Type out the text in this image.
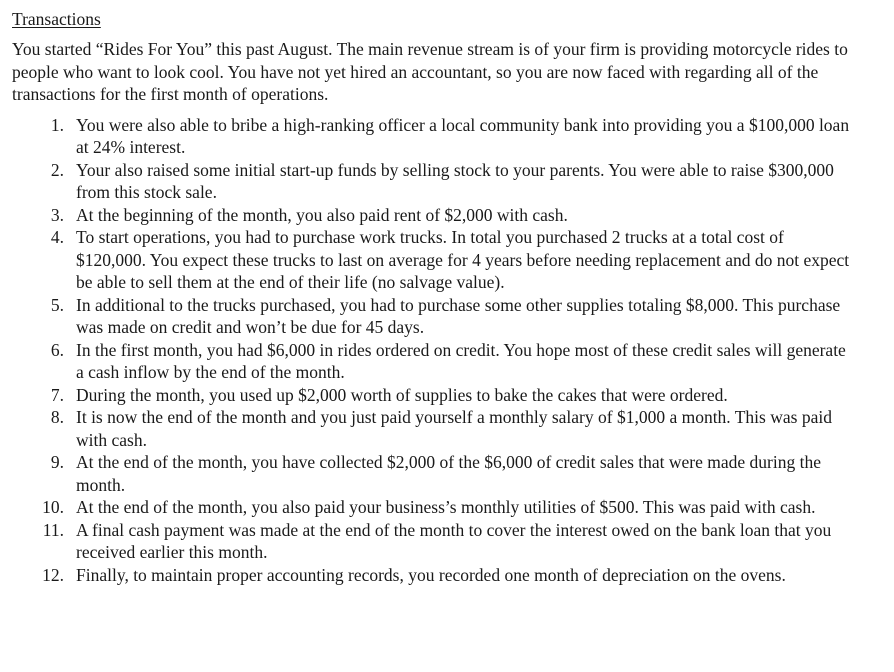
Transactions

You started “Rides For You” this past August. The main revenue stream is of your firm is providing motorcycle rides to people who want to look cool. You have not yet hired an accountant, so you are now faced with regarding all of the transactions for the first month of operations.

1. You were also able to bribe a high-ranking officer a local community bank into providing you a $100,000 loan at 24% interest.
2. Your also raised some initial start-up funds by selling stock to your parents. You were able to raise $300,000 from this stock sale.
3. At the beginning of the month, you also paid rent of $2,000 with cash.
4. To start operations, you had to purchase work trucks. In total you purchased 2 trucks at a total cost of $120,000. You expect these trucks to last on average for 4 years before needing replacement and do not expect be able to sell them at the end of their life (no salvage value).
5. In additional to the trucks purchased, you had to purchase some other supplies totaling $8,000. This purchase was made on credit and won’t be due for 45 days.
6. In the first month, you had $6,000 in rides ordered on credit. You hope most of these credit sales will generate a cash inflow by the end of the month.
7. During the month, you used up $2,000 worth of supplies to bake the cakes that were ordered.
8. It is now the end of the month and you just paid yourself a monthly salary of $1,000 a month. This was paid with cash.
9. At the end of the month, you have collected $2,000 of the $6,000 of credit sales that were made during the month.
10. At the end of the month, you also paid your business’s monthly utilities of $500. This was paid with cash.
11. A final cash payment was made at the end of the month to cover the interest owed on the bank loan that you received earlier this month.
12. Finally, to maintain proper accounting records, you recorded one month of depreciation on the ovens.
